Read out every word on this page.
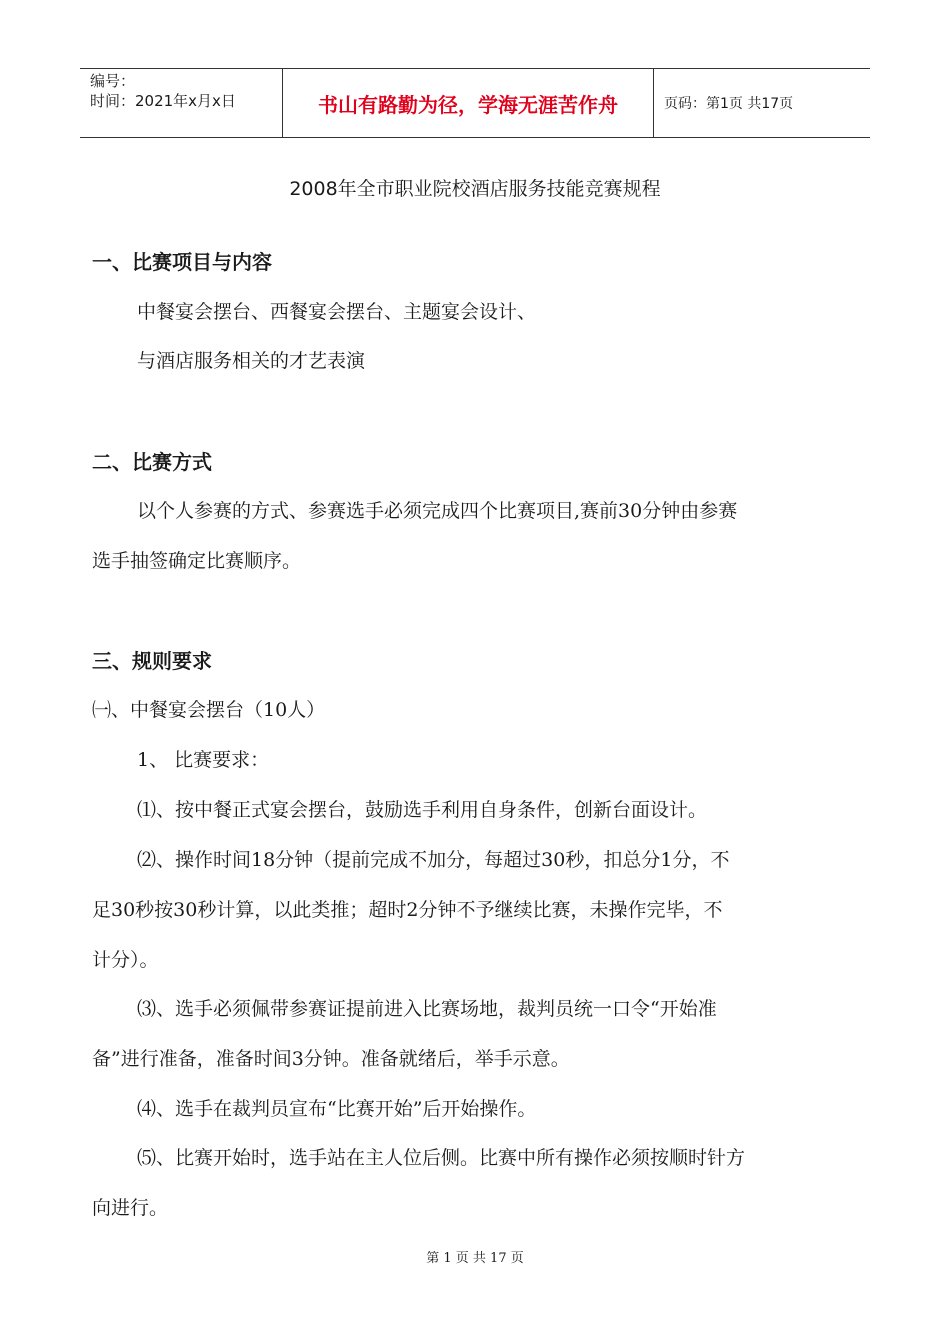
编号：
时间：2021年x月x日	书山有路勤为径，学海无涯苦作舟	页码：第1页 共17页
2008年全市职业院校酒店服务技能竞赛规程
一、比赛项目与内容
中餐宴会摆台、西餐宴会摆台、主题宴会设计、
与酒店服务相关的才艺表演
二、比赛方式
以个人参赛的方式、参赛选手必须完成四个比赛项目,赛前30分钟由参赛
选手抽签确定比赛顺序。
三、规则要求
㈠、中餐宴会摆台（10人）
1、 比赛要求：
⑴、按中餐正式宴会摆台，鼓励选手利用自身条件，创新台面设计。
⑵、操作时间18分钟（提前完成不加分，每超过30秒，扣总分1分，不
足30秒按30秒计算，以此类推；超时2分钟不予继续比赛，未操作完毕，不
计分）。
⑶、选手必须佩带参赛证提前进入比赛场地，裁判员统一口令“开始准
备”进行准备，准备时间3分钟。准备就绪后，举手示意。
⑷、选手在裁判员宣布“比赛开始”后开始操作。
⑸、比赛开始时，选手站在主人位后侧。比赛中所有操作必须按顺时针方
向进行。
第 1 页 共 17 页
